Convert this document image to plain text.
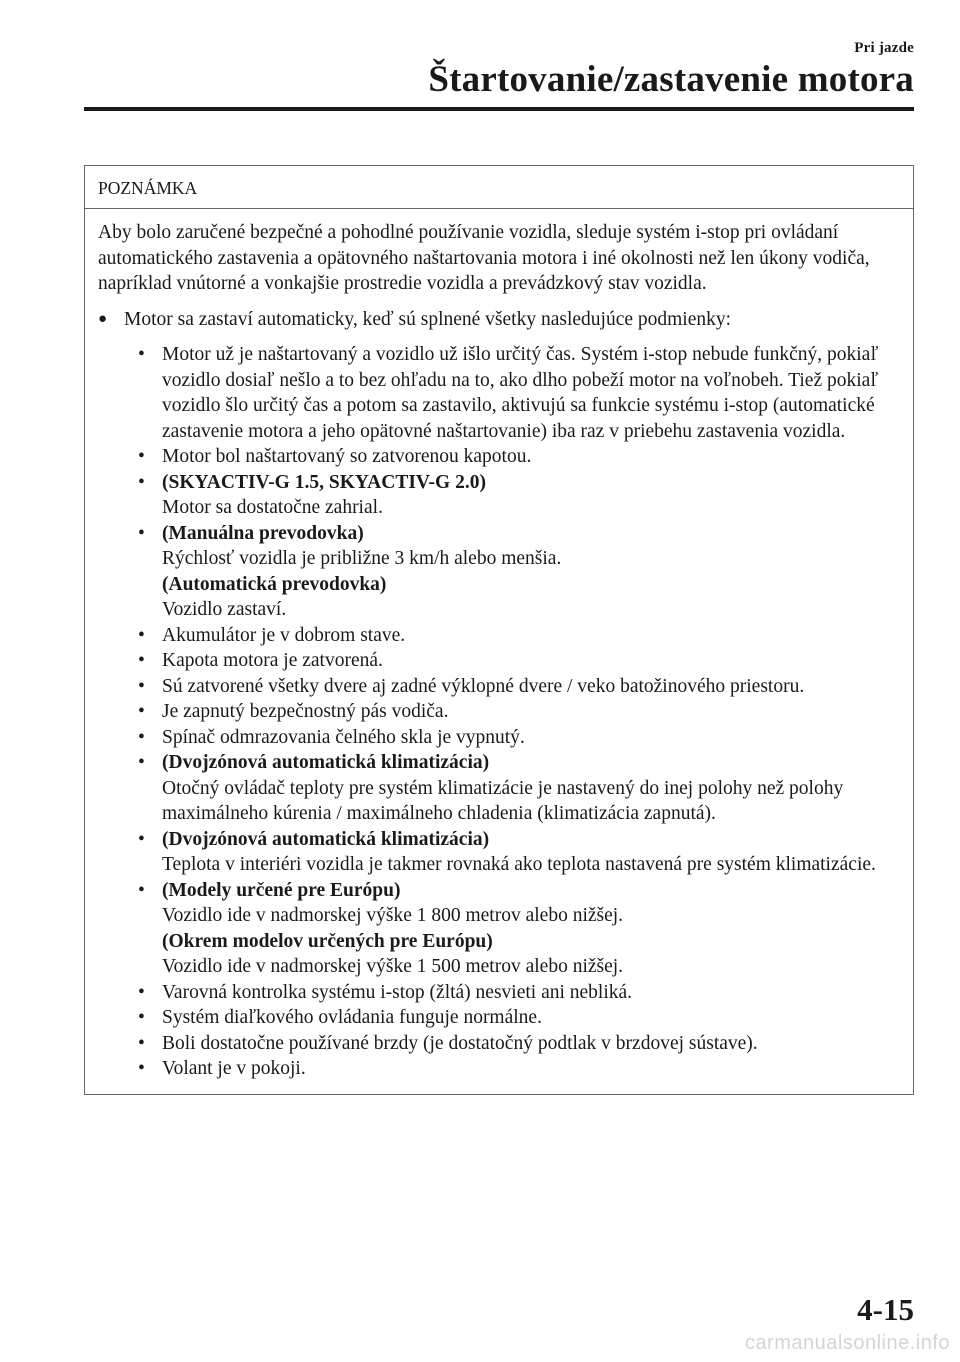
Pri jazde
Štartovanie/zastavenie motora
POZNÁMKA

Aby bolo zaručené bezpečné a pohodlné používanie vozidla, sleduje systém i-stop pri ovládaní automatického zastavenia a opätovného naštartovania motora i iné okolnosti než len úkony vodiča, napríklad vnútorné a vonkajšie prostredie vozidla a prevádzkový stav vozidla.

● Motor sa zastaví automaticky, keď sú splnené všetky nasledujúce podmienky:
• Motor už je naštartovaný a vozidlo už išlo určitý čas. Systém i-stop nebude funkčný, pokiaľ vozidlo dosiaľ nešlo a to bez ohľadu na to, ako dlho pobeží motor na voľnobeh. Tiež pokiaľ vozidlo šlo určitý čas a potom sa zastavilo, aktivujú sa funkcie systému i-stop (automatické zastavenie motora a jeho opätovné naštartovanie) iba raz v priebehu zastavenia vozidla.
• Motor bol naštartovaný so zatvorenou kapotou.
• (SKYACTIV-G 1.5, SKYACTIV-G 2.0)
Motor sa dostatočne zahrial.
• (Manuálna prevodovka)
Rýchlosť vozidla je približne 3 km/h alebo menšia.
(Automatická prevodovka)
Vozidlo zastaví.
• Akumulátor je v dobrom stave.
• Kapota motora je zatvorená.
• Sú zatvorené všetky dvere aj zadné výklopné dvere / veko batožinového priestoru.
• Je zapnutý bezpečnostný pás vodiča.
• Spínač odmrazovania čelného skla je vypnutý.
• (Dvojzónová automatická klimatizácia)
Otočný ovládač teploty pre systém klimatizácie je nastavený do inej polohy než polohy maximálneho kúrenia / maximálneho chladenia (klimatizácia zapnutá).
• (Dvojzónová automatická klimatizácia)
Teplota v interiéri vozidla je takmer rovnaká ako teplota nastavená pre systém klimatizácie.
• (Modely určené pre Európu)
Vozidlo ide v nadmorskej výške 1 800 metrov alebo nižšej.
(Okrem modelov určených pre Európu)
Vozidlo ide v nadmorskej výške 1 500 metrov alebo nižšej.
• Varovná kontrolka systému i-stop (žltá) nesvieti ani nebliká.
• Systém diaľkového ovládania funguje normálne.
• Boli dostatočne používané brzdy (je dostatočný podtlak v brzdovej sústave).
• Volant je v pokoji.
4-15
carmanualsonline.info
